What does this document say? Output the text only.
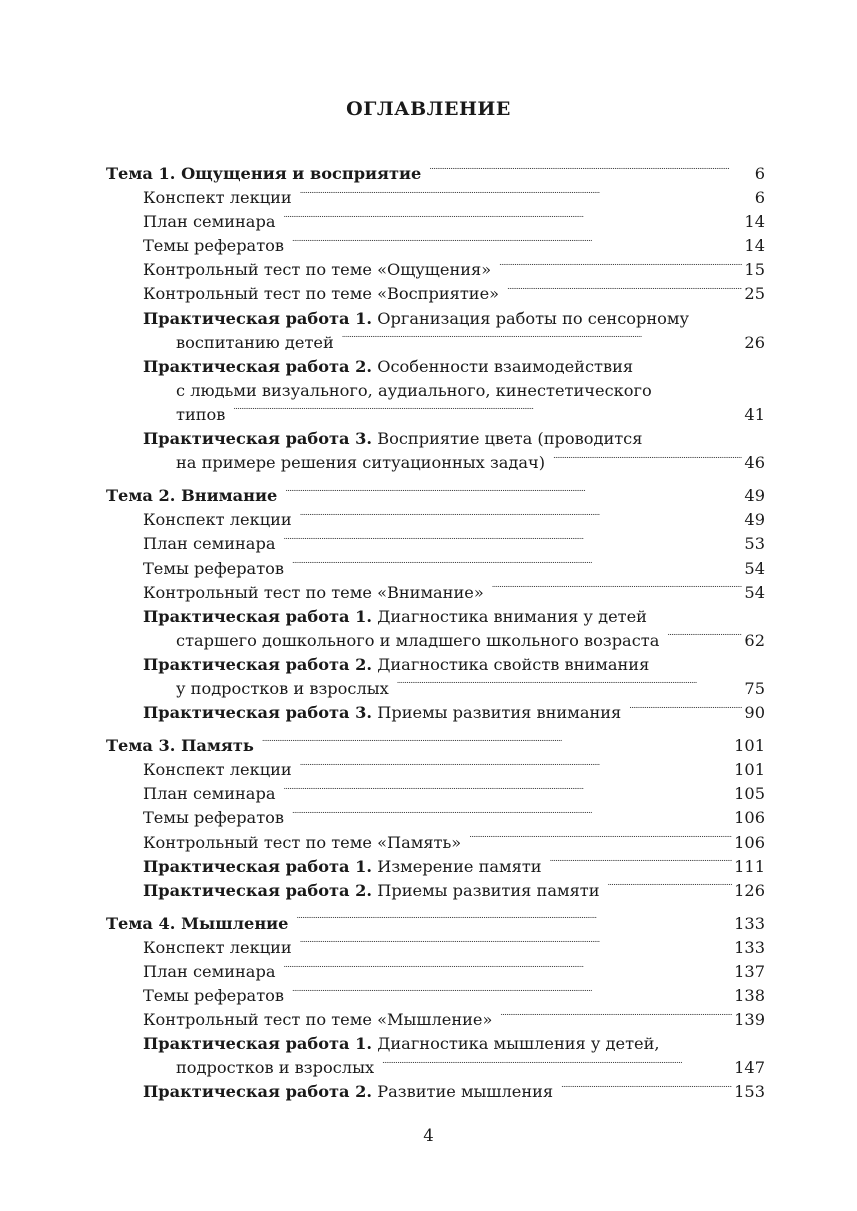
ОГЛАВЛЕНИЕ
Тема 1. Ощущения и восприятие . . .	6
Конспект лекции . . .	6
План семинара . . .	14
Темы рефератов . . .	14
Контрольный тест по теме «Ощущения» . . .	15
Контрольный тест по теме «Восприятие» . . .	25
Практическая работа 1. Организация работы по сенсорному
воспитанию детей . . .	26
Практическая работа 2. Особенности взаимодействия
с людьми визуального, аудиального, кинестетического
типов . . .	41
Практическая работа 3. Восприятие цвета (проводится
на примере решения ситуационных задач) . . .	46
Тема 2. Внимание . . .	49
Конспект лекции . . .	49
План семинара . . .	53
Темы рефератов . . .	54
Контрольный тест по теме «Внимание» . . .	54
Практическая работа 1. Диагностика внимания у детей
старшего дошкольного и младшего школьного возраста . . .	62
Практическая работа 2. Диагностика свойств внимания
у подростков и взрослых . . .	75
Практическая работа 3. Приемы развития внимания . . .	90
Тема 3. Память . . .	101
Конспект лекции . . .	101
План семинара . . .	105
Темы рефератов . . .	106
Контрольный тест по теме «Память» . . .	106
Практическая работа 1. Измерение памяти . . .	111
Практическая работа 2. Приемы развития памяти . . .	126
Тема 4. Мышление . . .	133
Конспект лекции . . .	133
План семинара . . .	137
Темы рефератов . . .	138
Контрольный тест по теме «Мышление» . . .	139
Практическая работа 1. Диагностика мышления у детей,
подростков и взрослых . . .	147
Практическая работа 2. Развитие мышления . . .	153
4
